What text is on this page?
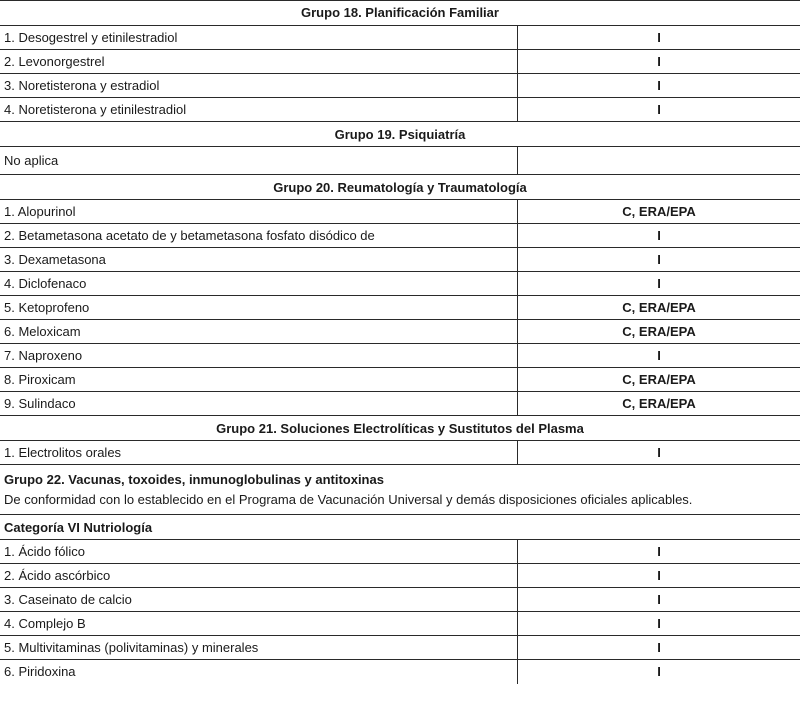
Grupo 18. Planificación Familiar
1. Desogestrel y etinilestradiol	I
2. Levonorgestrel	I
3. Noretisterona y estradiol	I
4. Noretisterona y etinilestradiol	I
Grupo 19. Psiquiatría
No aplica
Grupo 20. Reumatología y Traumatología
1. Alopurinol	C, ERA/EPA
2. Betametasona acetato de y betametasona fosfato disódico de	I
3. Dexametasona	I
4. Diclofenaco	I
5. Ketoprofeno	C, ERA/EPA
6. Meloxicam	C, ERA/EPA
7. Naproxeno	I
8. Piroxicam	C, ERA/EPA
9. Sulindaco	C, ERA/EPA
Grupo 21. Soluciones Electrolíticas y Sustitutos del Plasma
1. Electrolitos orales	I
Grupo 22. Vacunas, toxoides, inmunoglobulinas y antitoxinas
De conformidad con lo establecido en el Programa de Vacunación Universal y demás disposiciones oficiales aplicables.
Categoría VI Nutriología
1. Ácido fólico	I
2. Ácido ascórbico	I
3. Caseinato de calcio	I
4. Complejo B	I
5. Multivitaminas (polivitaminas) y minerales	I
6. Piridoxina	I
